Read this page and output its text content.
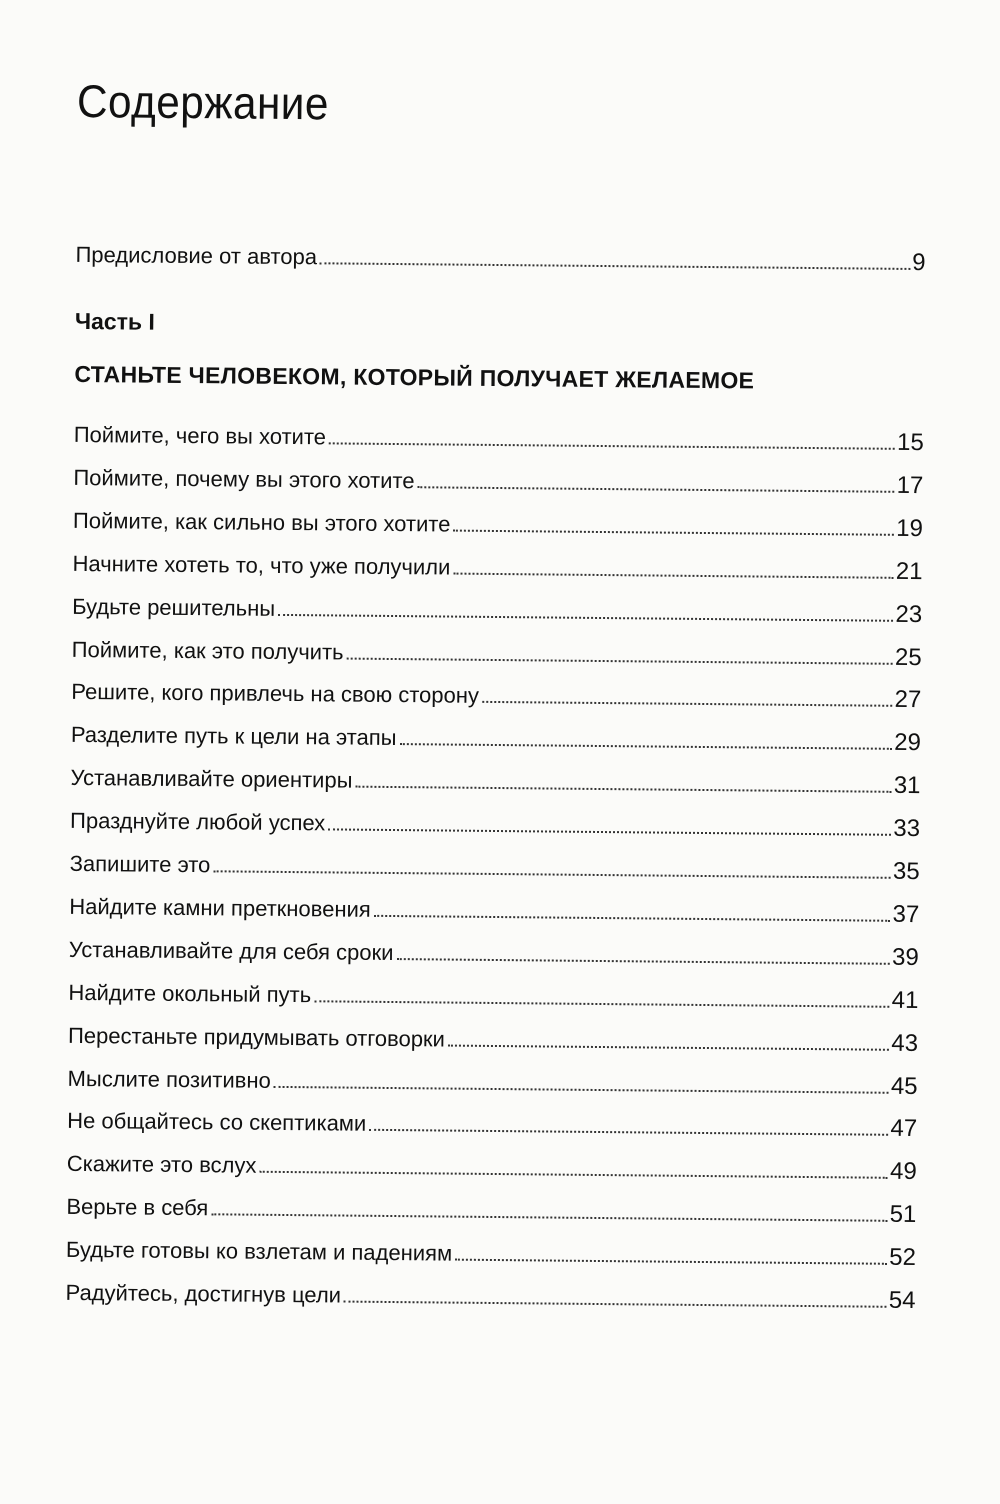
Содержание
Предисловие от автора	9
Часть I
СТАНЬТЕ ЧЕЛОВЕКОМ, КОТОРЫЙ ПОЛУЧАЕТ ЖЕЛАЕМОЕ
Поймите, чего вы хотите	15
Поймите, почему вы этого хотите	17
Поймите, как сильно вы этого хотите	19
Начните хотеть то, что уже получили	21
Будьте решительны	23
Поймите, как это получить	25
Решите, кого привлечь на свою сторону	27
Разделите путь к цели на этапы	29
Устанавливайте ориентиры	31
Празднуйте любой успех	33
Запишите это	35
Найдите камни преткновения	37
Устанавливайте для себя сроки	39
Найдите окольный путь	41
Перестаньте придумывать отговорки	43
Мыслите позитивно	45
Не общайтесь со скептиками	47
Скажите это вслух	49
Верьте в себя	51
Будьте готовы ко взлетам и падениям	52
Радуйтесь, достигнув цели	54
